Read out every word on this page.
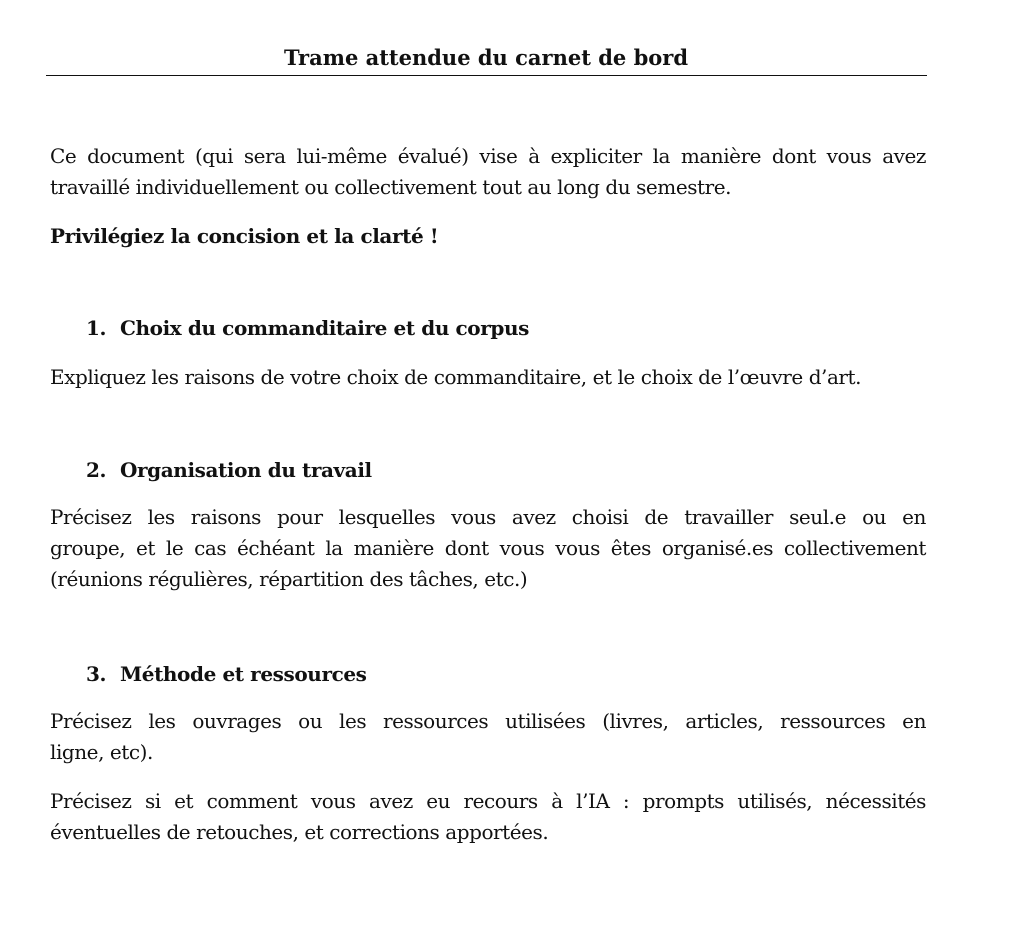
Trame attendue du carnet de bord
Ce document (qui sera lui-même évalué) vise à expliciter la manière dont vous avez
travaillé individuellement ou collectivement tout au long du semestre.

Privilégiez la concision et la clarté !

1. Choix du commanditaire et du corpus
Expliquez les raisons de votre choix de commanditaire, et le choix de l’œuvre d’art.
2. Organisation du travail
Précisez les raisons pour lesquelles vous avez choisi de travailler seul.e ou en
groupe, et le cas échéant la manière dont vous vous êtes organisé.es collectivement
(réunions régulières, répartition des tâches, etc.)
3. Méthode et ressources
Précisez les ouvrages ou les ressources utilisées (livres, articles, ressources en
ligne, etc).
Précisez si et comment vous avez eu recours à l’IA : prompts utilisés, nécessités
éventuelles de retouches, et corrections apportées.
